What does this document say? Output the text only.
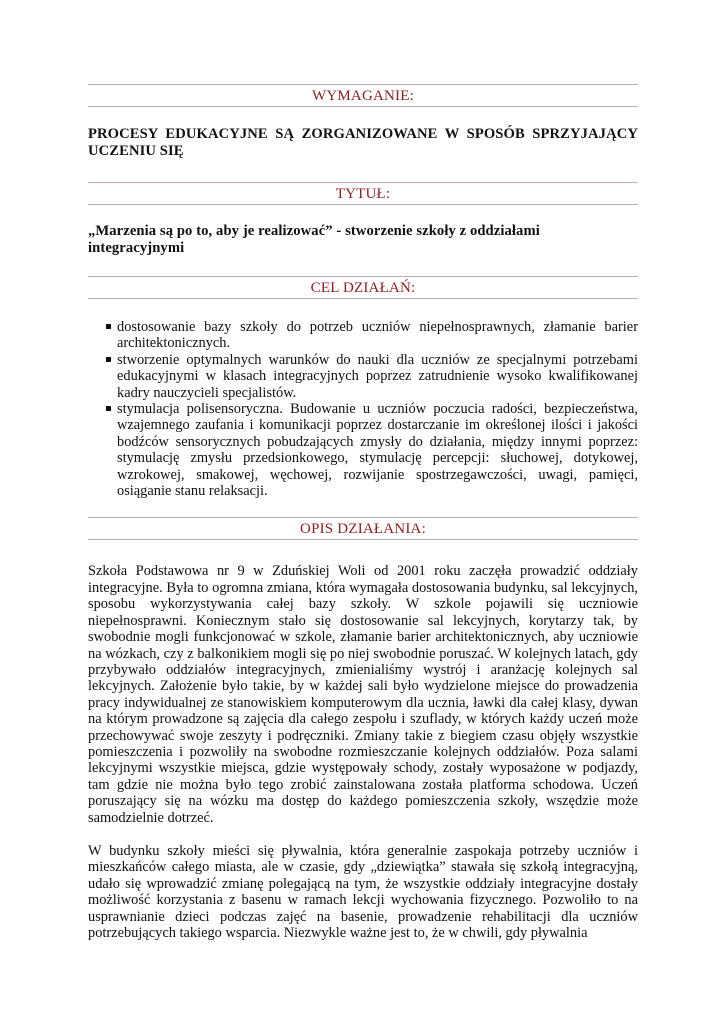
WYMAGANIE:
PROCESY EDUKACYJNE SĄ ZORGANIZOWANE W SPOSÓB SPRZYJAJĄCY UCZENIU SIĘ
TYTUŁ:
„Marzenia są po to, aby je realizować” - stworzenie szkoły z oddziałami integracyjnymi
CEL DZIAŁAŃ:
dostosowanie bazy szkoły do potrzeb uczniów niepełnosprawnych, złamanie barier architektonicznych.
stworzenie optymalnych warunków do nauki dla uczniów ze specjalnymi potrzebami edukacyjnymi w klasach integracyjnych poprzez zatrudnienie wysoko kwalifikowanej kadry nauczycieli specjalistów.
stymulacja polisensoryczna. Budowanie u uczniów poczucia radości, bezpieczeństwa, wzajemnego zaufania i komunikacji poprzez dostarczanie im określonej ilości i jakości bodźców sensorycznych pobudzających zmysły do działania, między innymi poprzez: stymulację zmysłu przedsionkowego, stymulację percepcji: słuchowej, dotykowej, wzrokowej, smakowej, węchowej, rozwijanie spostrzegawczości, uwagi, pamięci, osiąganie stanu relaksacji.
OPIS DZIAŁANIA:

Szkoła Podstawowa nr 9 w Zduńskiej Woli od 2001 roku zaczęła prowadzić oddziały integracyjne. Była to ogromna zmiana, która wymagała dostosowania budynku, sal lekcyjnych, sposobu wykorzystywania całej bazy szkoły. W szkole pojawili się uczniowie niepełnosprawni. Koniecznym stało się dostosowanie sal lekcyjnych, korytarzy tak, by swobodnie mogli funkcjonować w szkole, złamanie barier architektonicznych, aby uczniowie na wózkach, czy z balkonikiem mogli się po niej swobodnie poruszać. W kolejnych latach, gdy przybywało oddziałów integracyjnych, zmienialiśmy wystrój i aranżację kolejnych sal lekcyjnych. Założenie było takie, by w każdej sali było wydzielone miejsce do prowadzenia pracy indywidualnej ze stanowiskiem komputerowym dla ucznia, ławki dla całej klasy, dywan na którym prowadzone są zajęcia dla całego zespołu i szuflady, w których każdy uczeń może przechowywać swoje zeszyty i podręczniki. Zmiany takie z biegiem czasu objęły wszystkie pomieszczenia i pozwoliły na swobodne rozmieszczanie kolejnych oddziałów. Poza salami lekcyjnymi wszystkie miejsca, gdzie występowały schody, zostały wyposażone w podjazdy, tam gdzie nie można było tego zrobić zainstalowana została platforma schodowa. Uczeń poruszający się na wózku ma dostęp do każdego pomieszczenia szkoły, wszędzie może samodzielnie dotrzeć.

W budynku szkoły mieści się pływalnia, która generalnie zaspokaja potrzeby uczniów i mieszkańców całego miasta, ale w czasie, gdy „dziewiątka” stawała się szkołą integracyjną, udało się wprowadzić zmianę polegającą na tym, że wszystkie oddziały integracyjne dostały możliwość korzystania z basenu w ramach lekcji wychowania fizycznego. Pozwoliło to na usprawnianie dzieci podczas zajęć na basenie, prowadzenie rehabilitacji dla uczniów potrzebujących takiego wsparcia. Niezwykle ważne jest to, że w chwili, gdy pływalnia
